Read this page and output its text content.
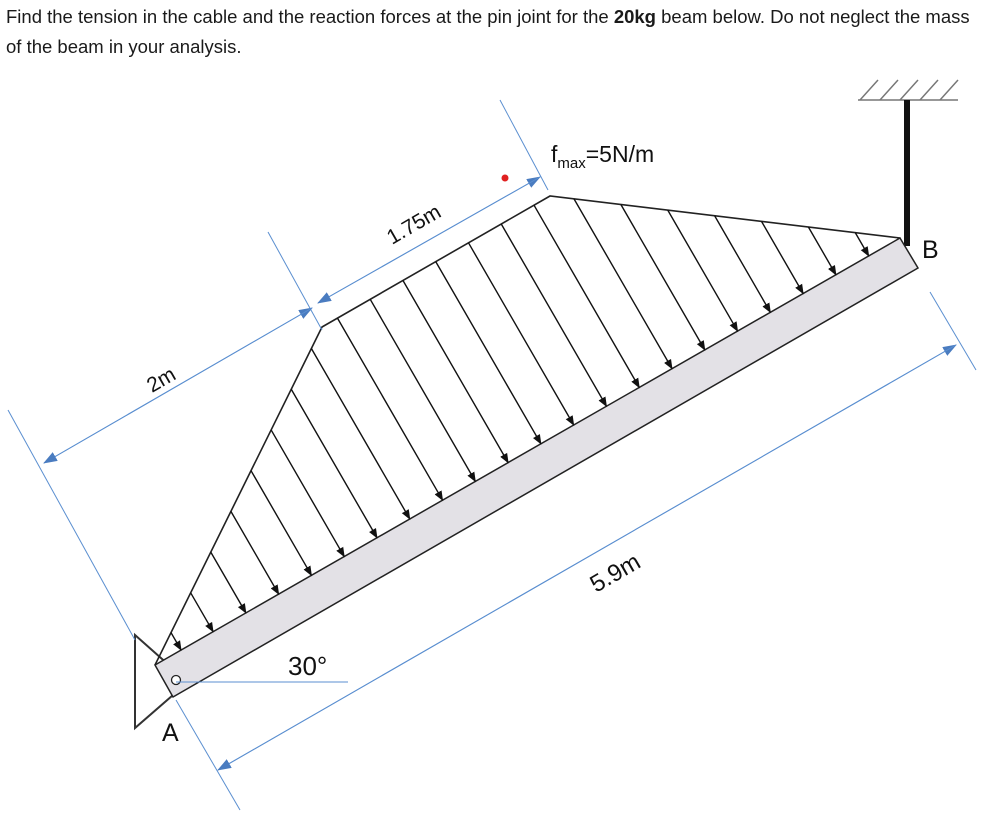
Find the tension in the cable and the reaction forces at the pin joint for the 20kg beam below. Do not neglect the mass of the beam in your analysis.
$f_{max}=5N/m$
1.75m
2m
5.9m
30°
A
B
